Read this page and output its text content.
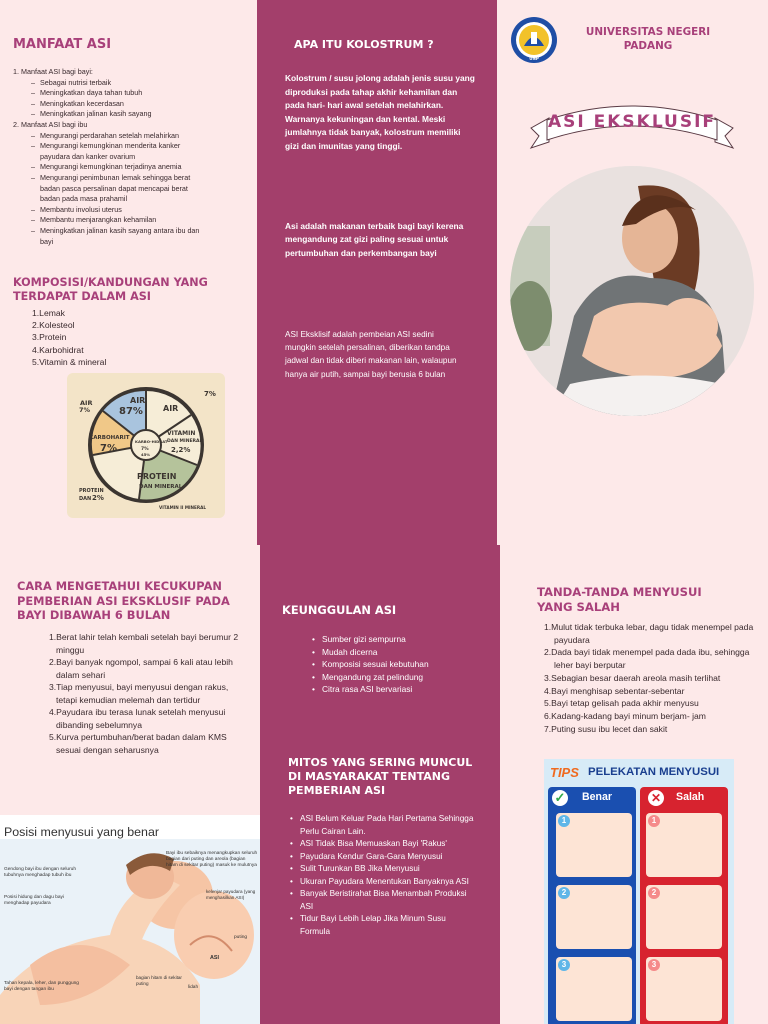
MANFAAT ASI
1. Manfaat ASI bagi bayi:
– Sebagai nutrisi terbaik
– Meningkatkan daya tahan tubuh
– Meningkatkan kecerdasan
– Meningkatkan jalinan kasih sayang
2. Manfaat ASI bagi ibu
– Mengurangi perdarahan setelah melahirkan
– Mengurangi kemungkinan menderita kanker payudara dan kanker ovarium
– Mengurangi kemungkinan terjadinya anemia
– Mengurangi penimbunan lemak sehingga berat badan pasca persalinan dapat mencapai berat badan pada masa prahamil
– Membantu involusi uterus
– Membantu menjarangkan kehamilan
– Meningkatkan jalinan kasih sayang antara ibu dan bayi
KOMPOSISI/KANDUNGAN YANG TERDAPAT DALAM ASI
1.Lemak
2.Kolesteol
3.Protein
4.Karbohidrat
5.Vitamin & mineral
AIR
87%	AIR
7%
AIR
7%
KARBOHARIT
7%
VITAMIN
DAN MINERAL
2,2%
PROTEIN
DAN MINERAL
PROTEIN
DAN 2%
KARBO-HIDRAT
7%
45%
VITAMIN II MINERAL
APA ITU KOLOSTRUM ?
Kolostrum / susu jolong adalah jenis susu yang diproduksi pada tahap akhir kehamilan dan pada hari- hari awal setelah melahirkan. Warnanya kekuningan dan kental. Meski jumlahnya tidak banyak, kolostrum memiliki gizi dan imunitas yang tinggi.
Asi adalah makanan terbaik bagi bayi kerena mengandung zat gizi paling sesuai untuk pertumbuhan dan perkembangan bayi
ASI Eksklisif adalah pembeian ASI sedini mungkin setelah persalinan, diberikan tandpa jadwal dan tidak diberi makanan lain, walaupun hanya air putih, sampai bayi berusia 6 bulan
UNP
UNIVERSITAS NEGERI
PADANG
ASI EKSKLUSIF
CARA MENGETAHUI KECUKUPAN PEMBERIAN ASI EKSKLUSIF PADA BAYI DIBAWAH 6 BULAN
1.Berat lahir telah kembali setelah bayi berumur 2 minggu
2.Bayi banyak ngompol, sampai 6 kali atau lebih dalam sehari
3.Tiap menyusui, bayi menyusui dengan rakus, tetapi kemudian melemah dan tertidur
4.Payudara ibu terasa lunak setelah menyusui dibanding sebelumnya
5.Kurva pertumbuhan/berat badan dalam KMS sesuai dengan seharusnya
Posisi menyusui yang benar
Gendong bayi ibu dengan seluruh tubuhnya menghadap tubuh ibu
Posisi hidung dan dagu bayi menghadap payudara
Tahan kepala, leher, dan punggung bayi dengan tangan ibu
Bayi ibu sebaiknya menangkupkan seluruh bagian dari puting dan areola (bagian hitam di sekitar puting) masuk ke mulutnya
kelenjar payudara (yang menghasilkan ASI)
puting
ASI
bagian hitam di sekitar puting
lidah
KEUNGGULAN ASI
• Sumber gizi sempurna
• Mudah dicerna
• Komposisi sesuai kebutuhan
• Mengandung zat pelindung
• Citra rasa ASI bervariasi
MITOS YANG SERING MUNCUL DI MASYARAKAT TENTANG PEMBERIAN ASI
• ASI Belum Keluar Pada Hari Pertama Sehingga Perlu Cairan Lain.
• ASI Tidak Bisa Memuaskan Bayi 'Rakus'
• Payudara Kendur Gara-Gara Menyusui
• Sulit Turunkan BB Jika Menyusui
• Ukuran Payudara Menentukan Banyaknya ASI
• Banyak Beristirahat Bisa Menambah Produksi ASI
• Tidur Bayi Lebih Lelap Jika Minum Susu Formula
TANDA-TANDA MENYUSUI YANG SALAH
1.Mulut tidak terbuka lebar, dagu tidak menempel pada payudara
2.Dada bayi tidak menempel pada dada ibu, sehingga leher bayi berputar
3.Sebagian besar daerah areola masih terlihat
4.Bayi menghisap sebentar-sebentar
5.Bayi tetap gelisah pada akhir menyusu
6.Kadang-kadang bayi minum berjam- jam
7.Puting susu ibu lecet dan sakit
TIPS PELEKATAN MENYUSUI
✓ Benar
1
2
3
✕ Salah
1
2
3
